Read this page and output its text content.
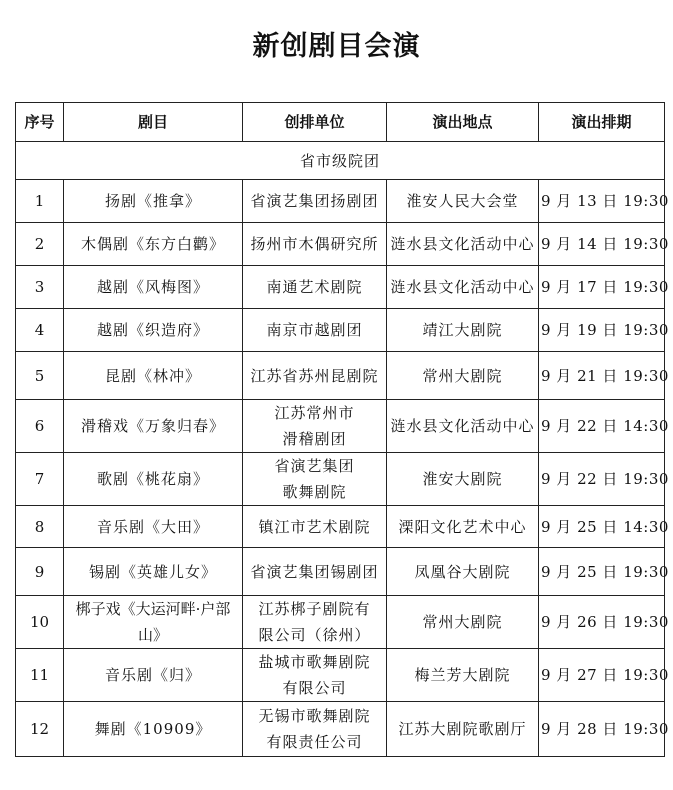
新创剧目会演
序号	剧目	创排单位	演出地点	演出排期
省市级院团				
1	扬剧《推拿》	省演艺集团扬剧团	淮安人民大会堂	9 月 13 日 19:30
2	木偶剧《东方白鹳》	扬州市木偶研究所	涟水县文化活动中心	9 月 14 日 19:30
3	越剧《风梅图》	南通艺术剧院	涟水县文化活动中心	9 月 17 日 19:30
4	越剧《织造府》	南京市越剧团	靖江大剧院	9 月 19 日 19:30
5	昆剧《林冲》	江苏省苏州昆剧院	常州大剧院	9 月 21 日 19:30
6	滑稽戏《万象归春》	江苏常州市
滑稽剧团	涟水县文化活动中心	9 月 22 日 14:30
7	歌剧《桃花扇》	省演艺集团
歌舞剧院	淮安大剧院	9 月 22 日 19:30
8	音乐剧《大田》	镇江市艺术剧院	溧阳文化艺术中心	9 月 25 日 14:30
9	锡剧《英雄儿女》	省演艺集团锡剧团	凤凰谷大剧院	9 月 25 日 19:30
10	梆子戏《大运河畔·户部山》	江苏梆子剧院有
限公司（徐州）	常州大剧院	9 月 26 日 19:30
11	音乐剧《归》	盐城市歌舞剧院
有限公司	梅兰芳大剧院	9 月 27 日 19:30
12	舞剧《10909》	无锡市歌舞剧院
有限责任公司	江苏大剧院歌剧厅	9 月 28 日 19:30
